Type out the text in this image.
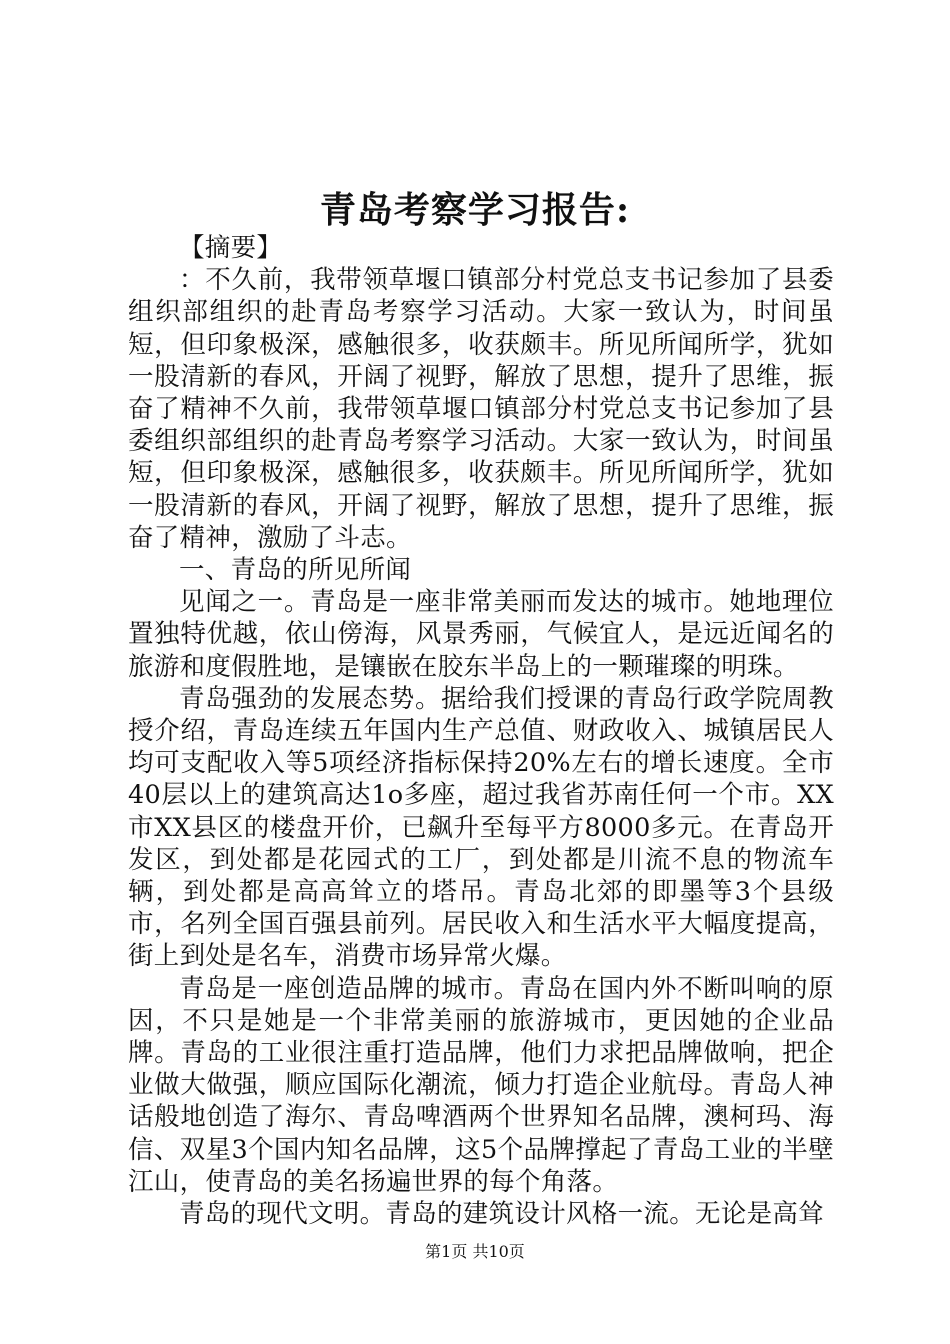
青岛考察学习报告:

【摘要】

：不久前，我带领草堰口镇部分村党总支书记参加了县委组织部组织的赴青岛考察学习活动。大家一致认为，时间虽短，但印象极深，感触很多，收获颇丰。所见所闻所学，犹如一股清新的春风，开阔了视野，解放了思想，提升了思维，振奋了精神不久前，我带领草堰口镇部分村党总支书记参加了县委组织部组织的赴青岛考察学习活动。大家一致认为，时间虽短，但印象极深，感触很多，收获颇丰。所见所闻所学，犹如一股清新的春风，开阔了视野，解放了思想，提升了思维，振奋了精神，激励了斗志。

一、青岛的所见所闻

见闻之一。青岛是一座非常美丽而发达的城市。她地理位置独特优越，依山傍海，风景秀丽，气候宜人，是远近闻名的旅游和度假胜地，是镶嵌在胶东半岛上的一颗璀璨的明珠。

青岛强劲的发展态势。据给我们授课的青岛行政学院周教授介绍，青岛连续五年国内生产总值、财政收入、城镇居民人均可支配收入等5项经济指标保持20%左右的增长速度。全市40层以上的建筑高达1o多座，超过我省苏南任何一个市。XX市XX县区的楼盘开价，已飙升至每平方8000多元。在青岛开发区，到处都是花园式的工厂，到处都是川流不息的物流车辆，到处都是高高耸立的塔吊。青岛北郊的即墨等3个县级市，名列全国百强县前列。居民收入和生活水平大幅度提高，街上到处是名车，消费市场异常火爆。

青岛是一座创造品牌的城市。青岛在国内外不断叫响的原因，不只是她是一个非常美丽的旅游城市，更因她的企业品牌。青岛的工业很注重打造品牌，他们力求把品牌做响，把企业做大做强，顺应国际化潮流，倾力打造企业航母。青岛人神话般地创造了海尔、青岛啤酒两个世界知名品牌，澳柯玛、海信、双星3个国内知名品牌，这5个品牌撑起了青岛工业的半壁江山，使青岛的美名扬遍世界的每个角落。

青岛的现代文明。青岛的建筑设计风格一流。无论是高耸

第1页 共10页
